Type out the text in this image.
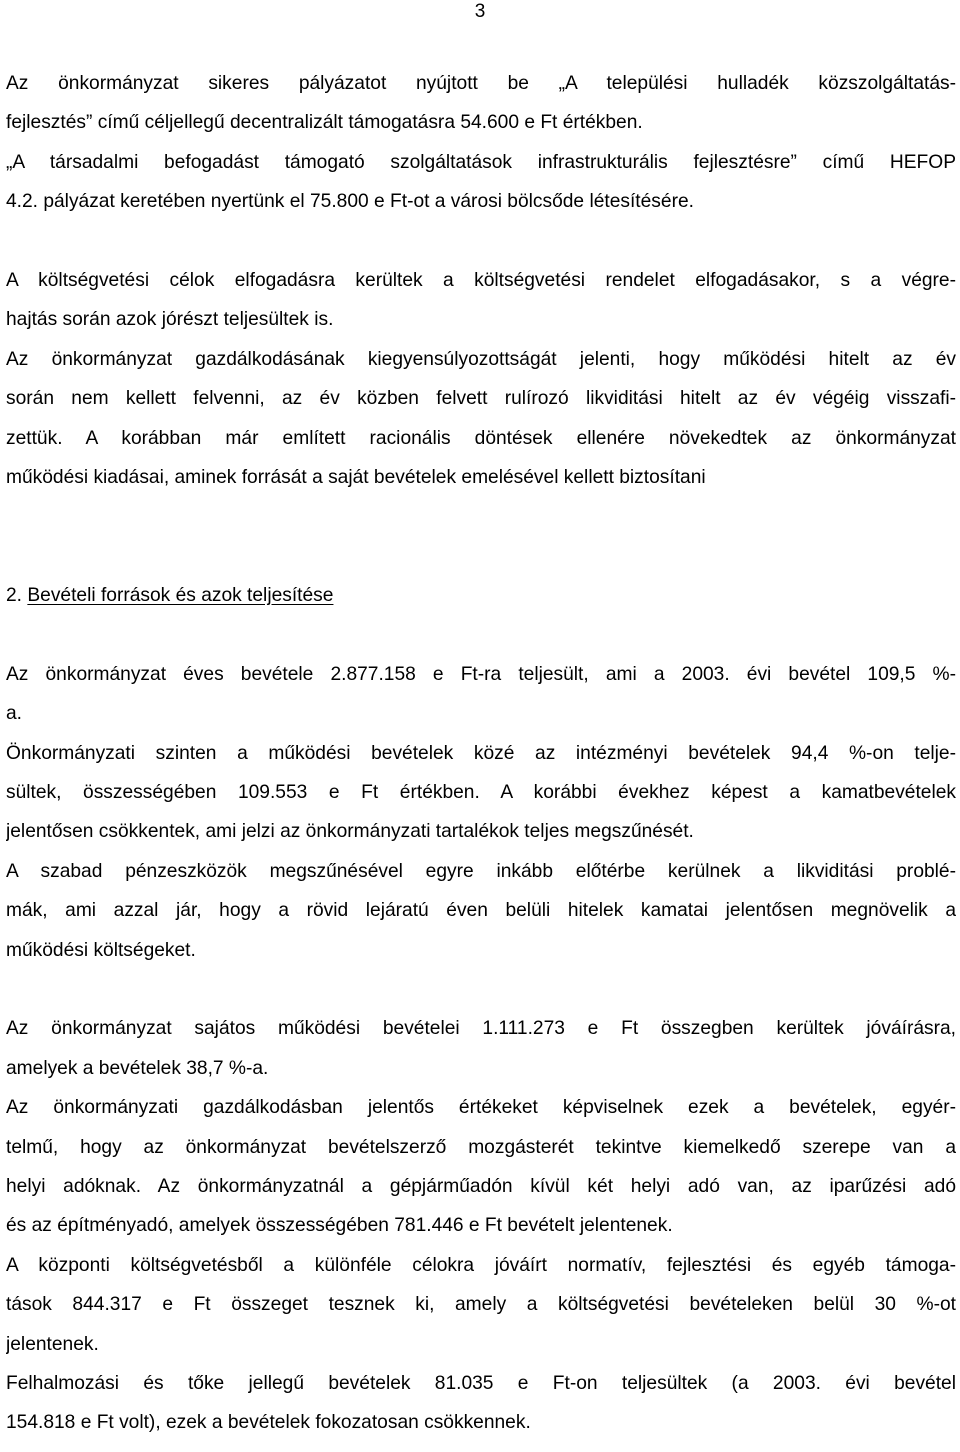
3
Az önkormányzat sikeres pályázatot nyújtott be „A települési hulladék közszolgáltatás-
fejlesztés” című céljellegű decentralizált támogatásra 54.600 e Ft értékben.
„A társadalmi befogadást támogató szolgáltatások infrastrukturális fejlesztésre” című HEFOP
4.2. pályázat keretében nyertünk el 75.800 e Ft-ot a városi bölcsőde létesítésére.
A költségvetési célok elfogadásra kerültek a költségvetési rendelet elfogadásakor, s a végre-
hajtás során azok jórészt teljesültek is.
Az önkormányzat gazdálkodásának kiegyensúlyozottságát jelenti, hogy működési hitelt az év
során nem kellett felvenni, az év közben felvett rulírozó likviditási hitelt az év végéig visszafi-
zettük. A korábban már említett racionális döntések ellenére növekedtek az önkormányzat
működési kiadásai, aminek forrását a saját bevételek emelésével kellett biztosítani
2. Bevételi források és azok teljesítése
Az önkormányzat éves bevétele 2.877.158 e Ft-ra teljesült, ami a 2003. évi bevétel 109,5 %-
a.
Önkormányzati szinten a működési bevételek közé az intézményi bevételek 94,4 %-on telje-
sültek, összességében 109.553 e Ft értékben. A korábbi évekhez képest a kamatbevételek
jelentősen csökkentek, ami jelzi az önkormányzati tartalékok teljes megszűnését.
A szabad pénzeszközök megszűnésével egyre inkább előtérbe kerülnek a likviditási problé-
mák, ami azzal jár, hogy a rövid lejáratú éven belüli hitelek kamatai jelentősen megnövelik a
működési költségeket.
Az önkormányzat sajátos működési bevételei 1.111.273 e Ft összegben kerültek jóváírásra,
amelyek a bevételek 38,7 %-a.
Az önkormányzati gazdálkodásban jelentős értékeket képviselnek ezek a bevételek, egyér-
telmű, hogy az önkormányzat bevételszerző mozgásterét tekintve kiemelkedő szerepe van a
helyi adóknak. Az önkormányzatnál a gépjárműadón kívül két helyi adó van, az iparűzési adó
és az építményadó, amelyek összességében 781.446 e Ft bevételt jelentenek.
A központi költségvetésből a különféle célokra jóváírt normatív, fejlesztési és egyéb támoga-
tások 844.317 e Ft összeget tesznek ki, amely a költségvetési bevételeken belül 30 %-ot
jelentenek.
Felhalmozási és tőke jellegű bevételek 81.035 e Ft-on teljesültek (a 2003. évi bevétel
154.818 e Ft volt), ezek a bevételek fokozatosan csökkennek.
